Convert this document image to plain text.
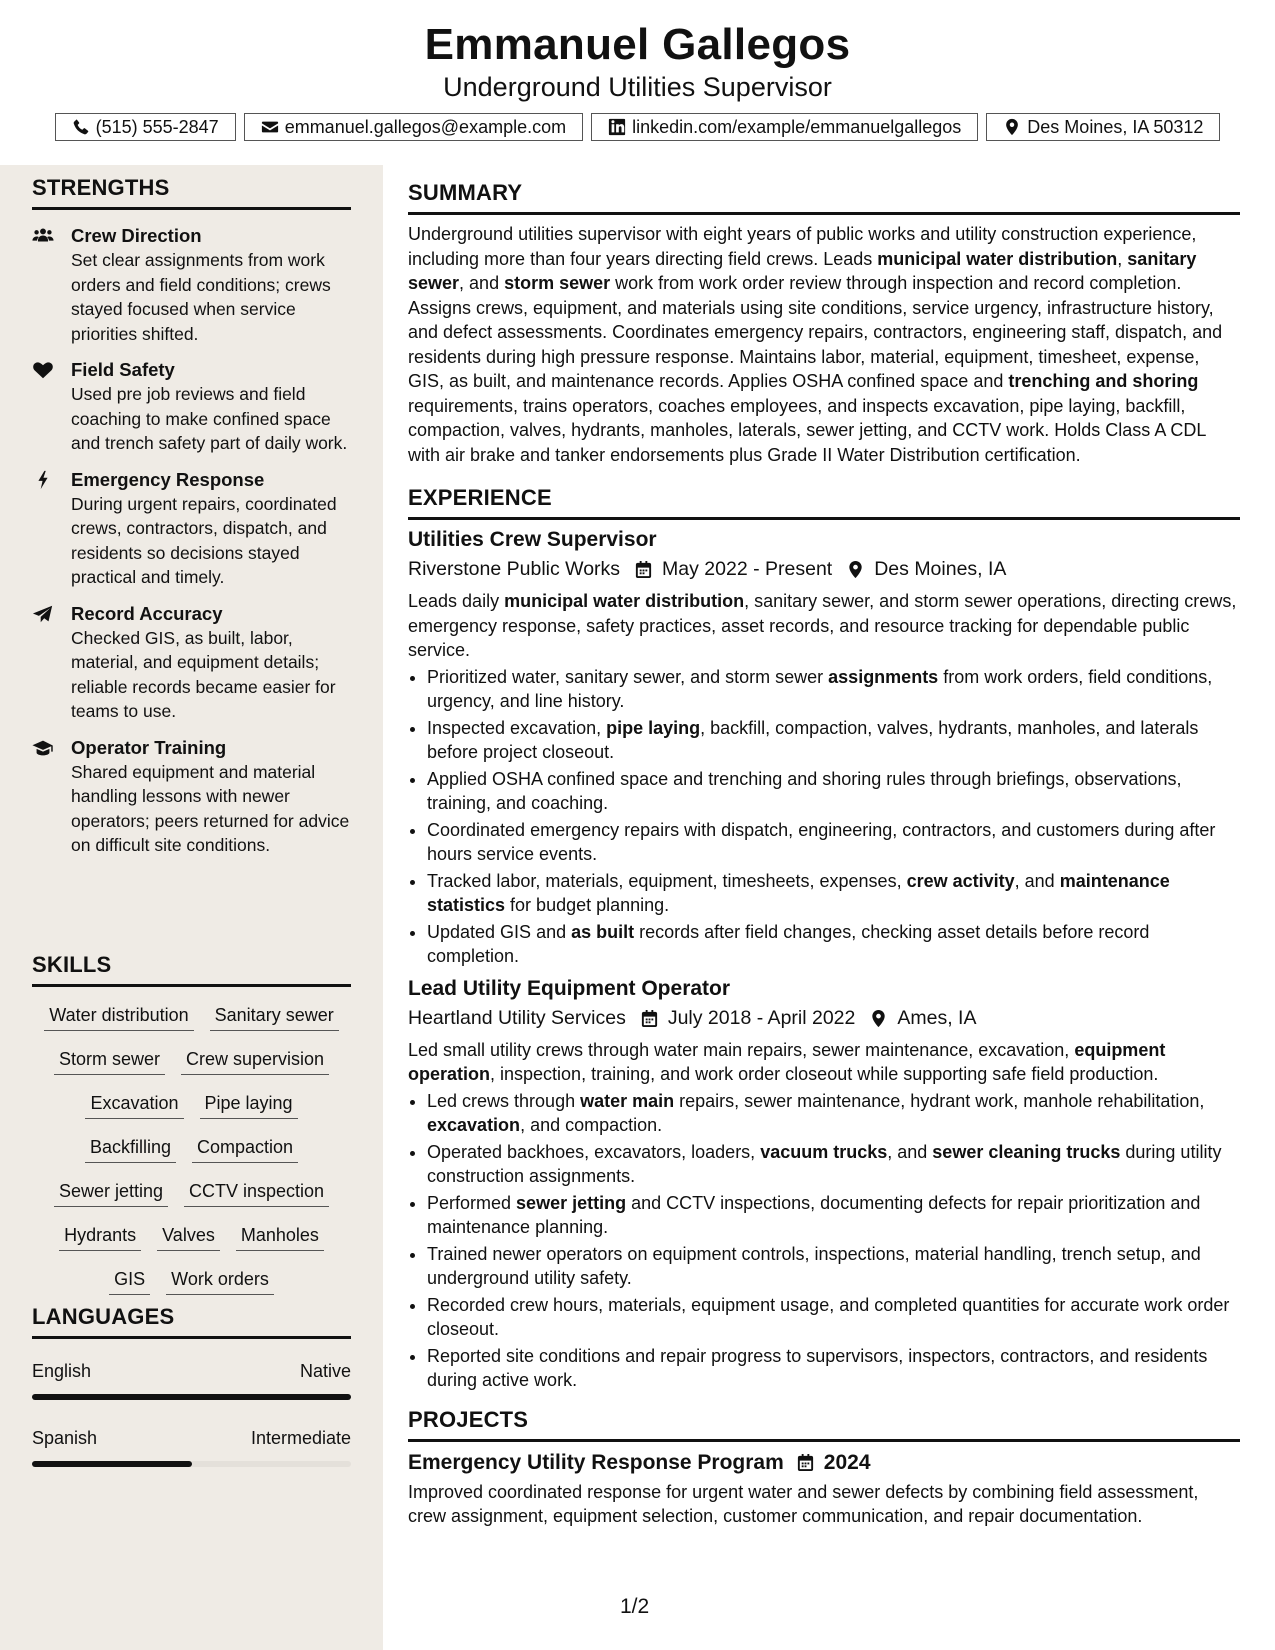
Emmanuel Gallegos
Underground Utilities Supervisor
(515) 555-2847	emmanuel.gallegos@example.com	linkedin.com/example/emmanuelgallegos	Des Moines, IA 50312
STRENGTHS
Crew Direction
Set clear assignments from work orders and field conditions; crews stayed focused when service priorities shifted.
Field Safety
Used pre job reviews and field coaching to make confined space and trench safety part of daily work.
Emergency Response
During urgent repairs, coordinated crews, contractors, dispatch, and residents so decisions stayed practical and timely.
Record Accuracy
Checked GIS, as built, labor, material, and equipment details; reliable records became easier for teams to use.
Operator Training
Shared equipment and material handling lessons with newer operators; peers returned for advice on difficult site conditions.
SKILLS
Water distribution Sanitary sewer
Storm sewer Crew supervision
Excavation Pipe laying
Backfilling Compaction
Sewer jetting CCTV inspection
Hydrants Valves Manholes
GIS Work orders
LANGUAGES
English	Native
Spanish	Intermediate
SUMMARY
Underground utilities supervisor with eight years of public works and utility construction experience, including more than four years directing field crews. Leads municipal water distribution, sanitary sewer, and storm sewer work from work order review through inspection and record completion. Assigns crews, equipment, and materials using site conditions, service urgency, infrastructure history, and defect assessments. Coordinates emergency repairs, contractors, engineering staff, dispatch, and residents during high pressure response. Maintains labor, material, equipment, timesheet, expense, GIS, as built, and maintenance records. Applies OSHA confined space and trenching and shoring requirements, trains operators, coaches employees, and inspects excavation, pipe laying, backfill, compaction, valves, hydrants, manholes, laterals, sewer jetting, and CCTV work. Holds Class A CDL with air brake and tanker endorsements plus Grade II Water Distribution certification.
EXPERIENCE
Utilities Crew Supervisor
Riverstone Public Works May 2022 - Present Des Moines, IA
Leads daily municipal water distribution, sanitary sewer, and storm sewer operations, directing crews, emergency response, safety practices, asset records, and resource tracking for dependable public service.
• Prioritized water, sanitary sewer, and storm sewer assignments from work orders, field conditions, urgency, and line history.
• Inspected excavation, pipe laying, backfill, compaction, valves, hydrants, manholes, and laterals before project closeout.
• Applied OSHA confined space and trenching and shoring rules through briefings, observations, training, and coaching.
• Coordinated emergency repairs with dispatch, engineering, contractors, and customers during after hours service events.
• Tracked labor, materials, equipment, timesheets, expenses, crew activity, and maintenance statistics for budget planning.
• Updated GIS and as built records after field changes, checking asset details before record completion.
Lead Utility Equipment Operator
Heartland Utility Services July 2018 - April 2022 Ames, IA
Led small utility crews through water main repairs, sewer maintenance, excavation, equipment operation, inspection, training, and work order closeout while supporting safe field production.
• Led crews through water main repairs, sewer maintenance, hydrant work, manhole rehabilitation, excavation, and compaction.
• Operated backhoes, excavators, loaders, vacuum trucks, and sewer cleaning trucks during utility construction assignments.
• Performed sewer jetting and CCTV inspections, documenting defects for repair prioritization and maintenance planning.
• Trained newer operators on equipment controls, inspections, material handling, trench setup, and underground utility safety.
• Recorded crew hours, materials, equipment usage, and completed quantities for accurate work order closeout.
• Reported site conditions and repair progress to supervisors, inspectors, contractors, and residents during active work.
PROJECTS
Emergency Utility Response Program 2024
Improved coordinated response for urgent water and sewer defects by combining field assessment, crew assignment, equipment selection, customer communication, and repair documentation.
1/2
